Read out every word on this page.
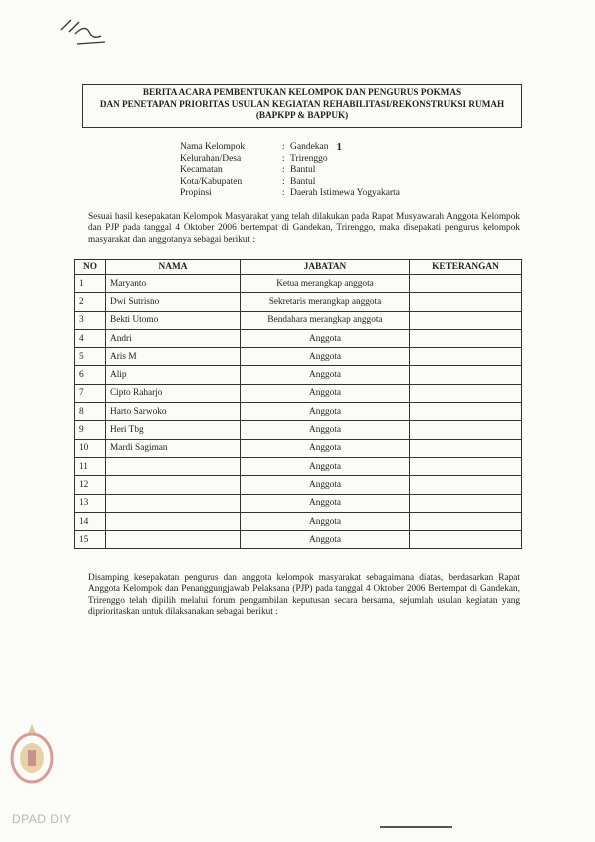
BERITA ACARA PEMBENTUKAN KELOMPOK DAN PENGURUS POKMAS
DAN PENETAPAN PRIORITAS USULAN KEGIATAN REHABILITASI/REKONSTRUKSI RUMAH
(BAPKPP & BAPPUK)
Nama Kelompok	: Gandekan 1
Kelurahan/Desa	: Trirenggo
Kecamatan	: Bantul
Kota/Kabupaten	: Bantul
Propinsi	: Daerah Istimewa Yogyakarta
Sesuai hasil kesepakatan Kelompok Masyarakat yang telah dilakukan pada Rapat Musyawarah Anggota Kelompok dan PJP pada tanggal 4 Oktober 2006 bertempat di Gandekan, Trirenggo, maka disepakati pengurus kelompok masyarakat dan anggotanya sebagai berikut :
NO	NAMA	JABATAN	KETERANGAN
1	Maryanto	Ketua merangkap anggota	
2	Dwi Sutrisno	Sekretaris merangkap anggota	
3	Bekti Utomo	Bendahara merangkap anggota	
4	Andri	Anggota	
5	Aris M	Anggota	
6	Alip	Anggota	
7	Cipto Raharjo	Anggota	
8	Harto Sarwoko	Anggota	
9	Heri Tbg	Anggota	
10	Mardi Sagiman	Anggota	
11		Anggota	
12		Anggota	
13		Anggota	
14		Anggota	
15		Anggota	
Disamping kesepakatan pengurus dan anggota kelompok masyarakat sebagaimana diatas, berdasarkan Rapat Anggota Kelompok dan Penanggungjawab Pelaksana (PJP) pada tanggal 4 Oktober 2006 Bertempat di Gandekan, Trirenggo telah dipilih melalui forum pengambilan keputusan secara bersama, sejumlah usulan kegiatan yang diprioritaskan untuk dilaksanakan sebagai berikut :
DPAD DIY
